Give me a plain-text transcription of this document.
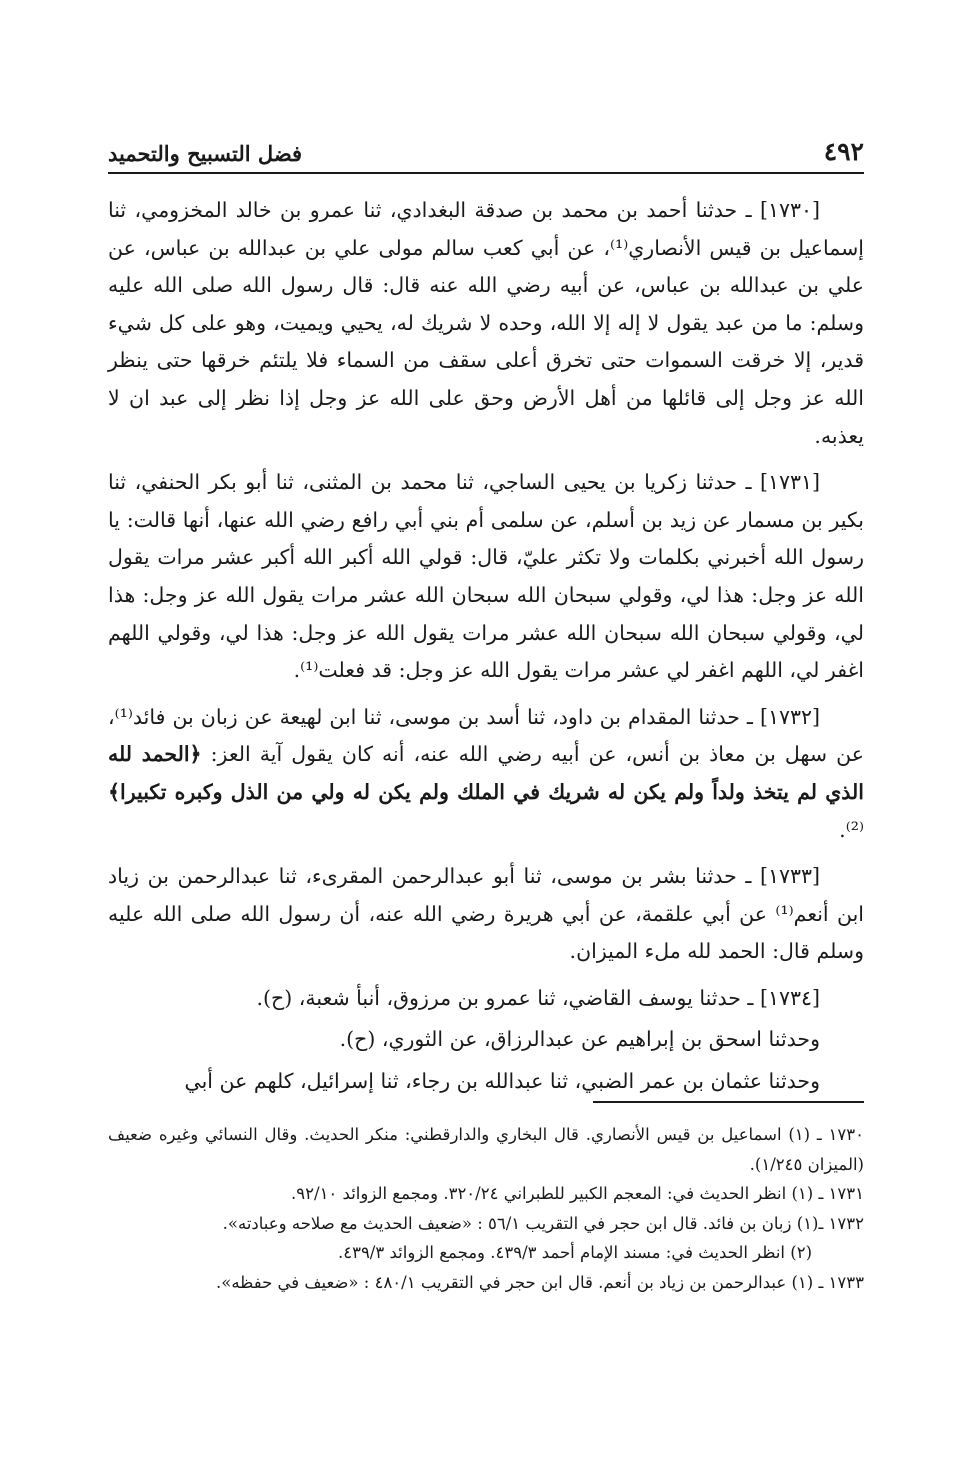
٤٩٢
فضل التسبيح والتحميد

[١٧٣٠] ـ حدثنا أحمد بن محمد بن صدقة البغدادي، ثنا عمرو بن خالد المخزومي، ثنا إسماعيل بن قيس الأنصاري⁽¹⁾، عن أبي كعب سالم مولى علي بن عبدالله بن عباس، عن علي بن عبدالله بن عباس، عن أبيه رضي الله عنه قال: قال رسول الله صلى الله عليه وسلم: ما من عبد يقول لا إله إلا الله، وحده لا شريك له، يحيي ويميت، وهو على كل شيء قدير، إلا خرقت السموات حتى تخرق أعلى سقف من السماء فلا يلتئم خرقها حتى ينظر الله عز وجل إلى قائلها من أهل الأرض وحق على الله عز وجل إذا نظر إلى عبد ان لا يعذبه.

[١٧٣١] ـ حدثنا زكريا بن يحيى الساجي، ثنا محمد بن المثنى، ثنا أبو بكر الحنفي، ثنا بكير بن مسمار عن زيد بن أسلم، عن سلمى أم بني أبي رافع رضي الله عنها، أنها قالت: يا رسول الله أخبرني بكلمات ولا تكثر عليّ، قال: قولي الله أكبر الله أكبر عشر مرات يقول الله عز وجل: هذا لي، وقولي سبحان الله سبحان الله عشر مرات يقول الله عز وجل: هذا لي، وقولي سبحان الله سبحان الله عشر مرات يقول الله عز وجل: هذا لي، وقولي اللهم اغفر لي، اللهم اغفر لي عشر مرات يقول الله عز وجل: قد فعلت⁽¹⁾.

[١٧٣٢] ـ حدثنا المقدام بن داود، ثنا أسد بن موسى، ثنا ابن لهيعة عن زبان بن فائد⁽¹⁾، عن سهل بن معاذ بن أنس، عن أبيه رضي الله عنه، أنه كان يقول آية العز: ﴿الحمد لله الذي لم يتخذ ولداً ولم يكن له شريك في الملك ولم يكن له ولي من الذل وكبره تكبيرا﴾⁽²⁾.

[١٧٣٣] ـ حدثنا بشر بن موسى، ثنا أبو عبدالرحمن المقرىء، ثنا عبدالرحمن بن زياد ابن أنعم⁽¹⁾ عن أبي علقمة، عن أبي هريرة رضي الله عنه، أن رسول الله صلى الله عليه وسلم قال: الحمد لله ملء الميزان.

[١٧٣٤] ـ حدثنا يوسف القاضي، ثنا عمرو بن مرزوق، أنبأ شعبة، (ح).

وحدثنا اسحق بن إبراهيم عن عبدالرزاق، عن الثوري، (ح).

وحدثنا عثمان بن عمر الضبي، ثنا عبدالله بن رجاء، ثنا إسرائيل، كلهم عن أبي

١٧٣٠ ـ (١) اسماعيل بن قيس الأنصاري. قال البخاري والدارقطني: منكر الحديث. وقال النسائي وغيره ضعيف (الميزان ١/٢٤٥).

١٧٣١ ـ (١) انظر الحديث في: المعجم الكبير للطبراني ٣٢٠/٢٤. ومجمع الزوائد ٩٢/١٠.

١٧٣٢ ـ(١) زبان بن فائد. قال ابن حجر في التقريب ٥٦/١ : «ضعيف الحديث مع صلاحه وعبادته».

(٢) انظر الحديث في: مسند الإمام أحمد ٤٣٩/٣. ومجمع الزوائد ٤٣٩/٣.

١٧٣٣ ـ (١) عبدالرحمن بن زياد بن أنعم. قال ابن حجر في التقريب ٤٨٠/١ : «ضعيف في حفظه».
